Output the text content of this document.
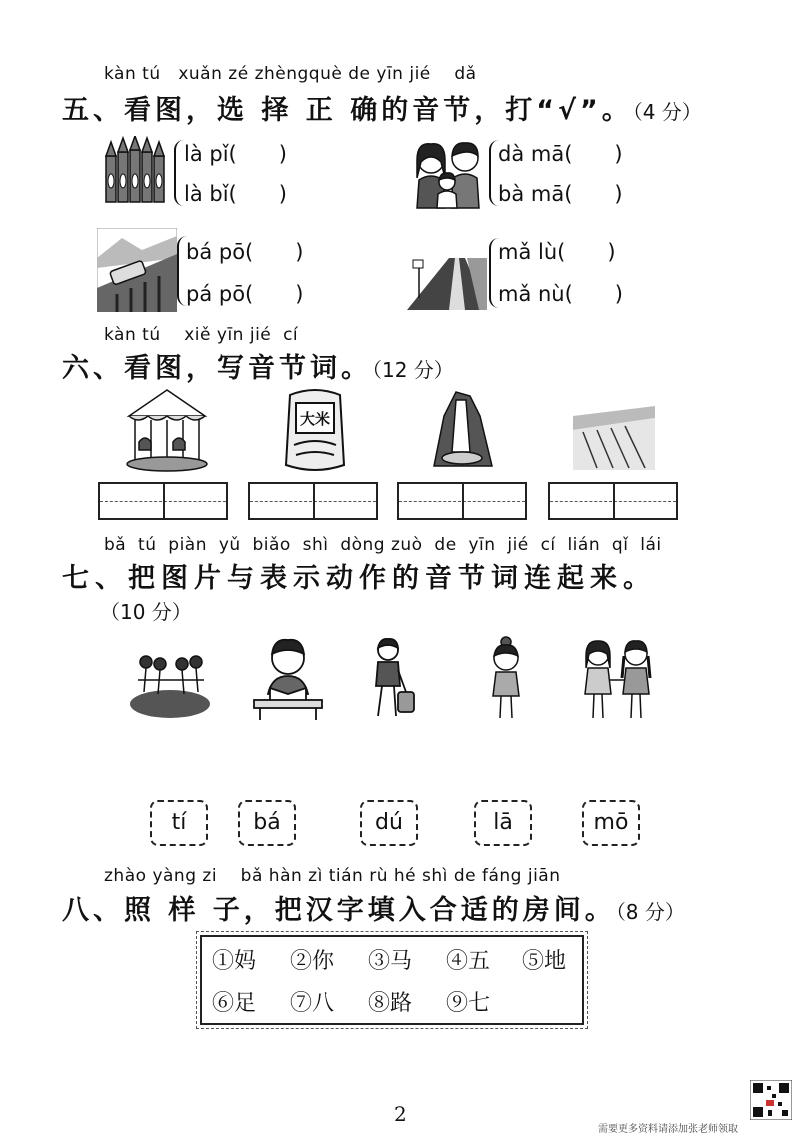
kàn tú xuǎn zé zhèngquè de yīn jié dǎ
五、看图，选 择 正 确的音节，打“√”。（4 分）
là pǐ(　　)
là bǐ(　　)
dà mā(　　)
bà mā(　　)
bá pō(　　)
pá pō(　　)
mǎ lù(　　)
mǎ nù(　　)
kàn tú xiě yīn jié cí
六、看图，写音节词。（12 分）
大米
bǎ tú piàn yǔ biǎo shì dòng zuò de yīn jié cí lián qǐ lái
七、把图片与表示动作的音节词连起来。
（10 分）
tí	bá	dú	lā	mō
zhào yàng zi bǎ hàn zì tián rù hé shì de fáng jiān
八、照 样 子，把汉字填入合适的房间。（8 分）
①妈 ②你 ③马 ④五 ⑤地
⑥足 ⑦八 ⑧路 ⑨七
2
需要更多资料请添加张老师领取
